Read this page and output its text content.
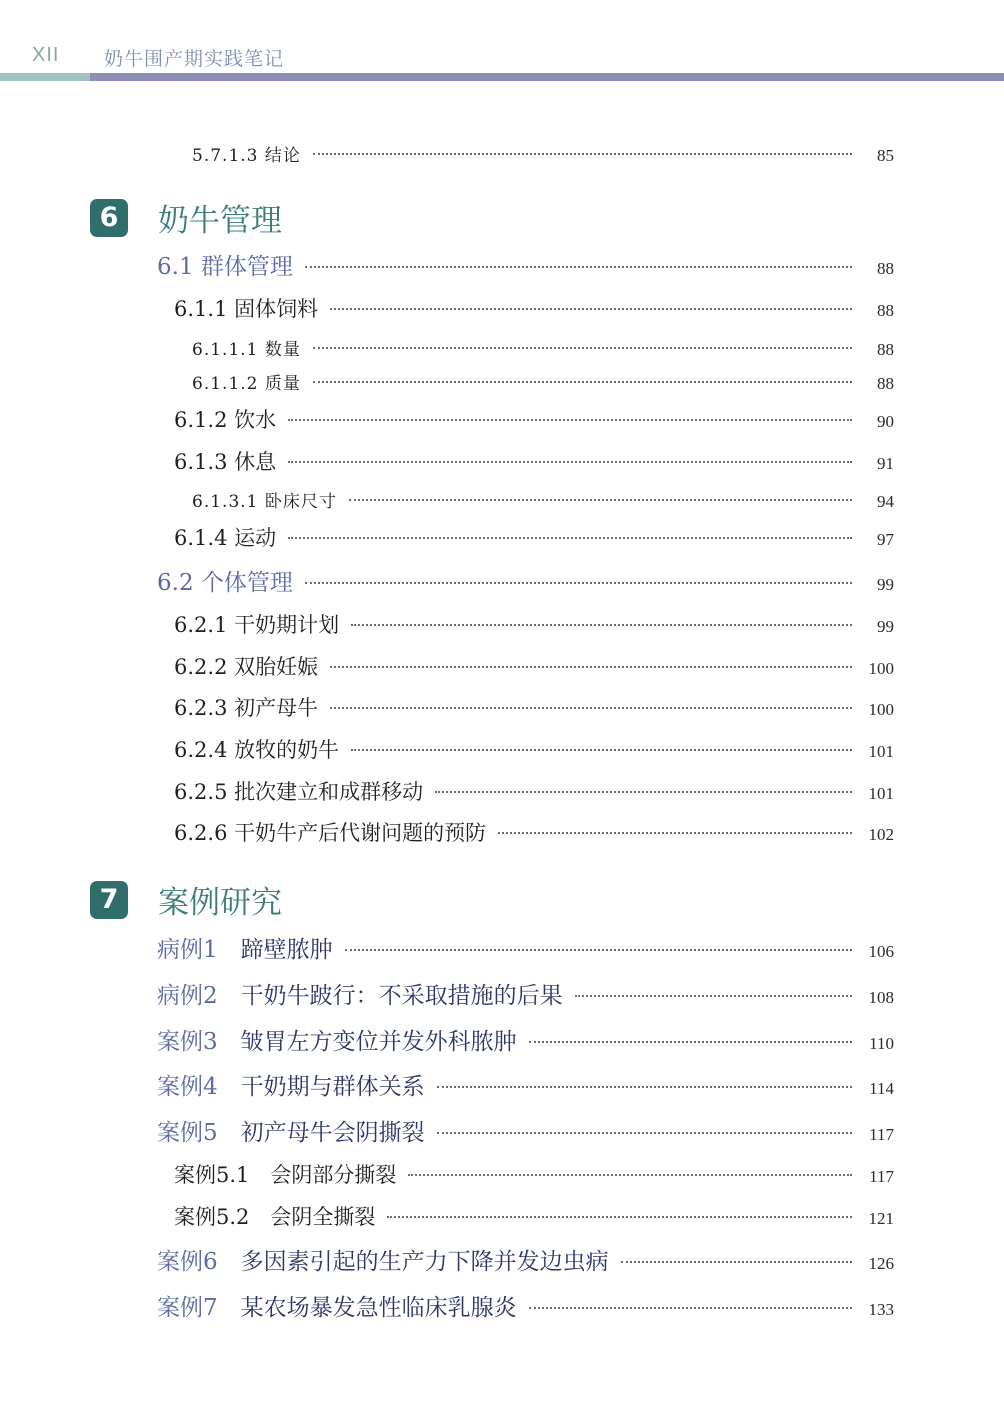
XII 奶牛围产期实践笔记
5.7.1.3 结论	85
6	奶牛管理
6.1 群体管理	88
6.1.1 固体饲料	88
6.1.1.1 数量	88
6.1.1.2 质量	88
6.1.2 饮水	90
6.1.3 休息	91
6.1.3.1 卧床尺寸	94
6.1.4 运动	97
6.2 个体管理	99
6.2.1 干奶期计划	99
6.2.2 双胎妊娠	100
6.2.3 初产母牛	100
6.2.4 放牧的奶牛	101
6.2.5 批次建立和成群移动	101
6.2.6 干奶牛产后代谢问题的预防	102
7	案例研究
病例1　 蹄壁脓肿	106
病例2　 干奶牛跛行：不采取措施的后果	108
案例3　 皱胃左方变位并发外科脓肿	110
案例4　 干奶期与群体关系	114
案例5　 初产母牛会阴撕裂	117
案例5.1　 会阴部分撕裂	117
案例5.2　 会阴全撕裂	121
案例6　 多因素引起的生产力下降并发边虫病	126
案例7　 某农场暴发急性临床乳腺炎	133
